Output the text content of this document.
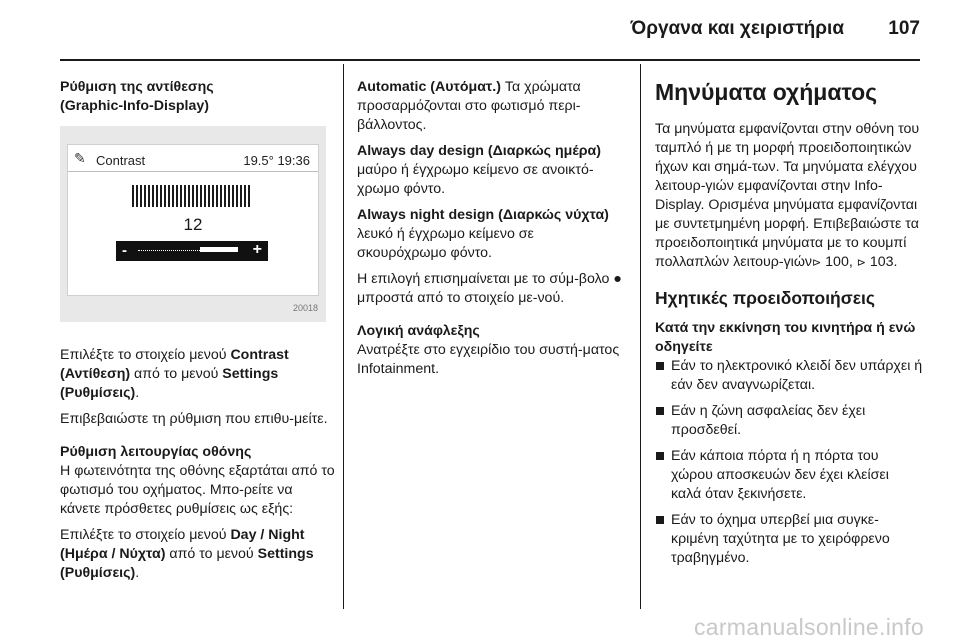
Όργανα και χειριστήρια 107
Ρύθμιση της αντίθεσης
(Graphic-Info-Display)
✎ Contrast	19.5° 19:36
12
-	+
20018

Επιλέξτε το στοιχείο μενού Contrast (Αντίθεση) από το μενού Settings (Ρυθμίσεις).

Επιβεβαιώστε τη ρύθμιση που επιθυ-μείτε.

Ρύθμιση λειτουργίας οθόνης

Η φωτεινότητα της οθόνης εξαρτάται από το φωτισμό του οχήματος. Μπο-ρείτε να κάνετε πρόσθετες ρυθμίσεις ως εξής:

Επιλέξτε το στοιχείο μενού Day / Night (Ημέρα / Νύχτα) από το μενού Settings (Ρυθμίσεις).

Automatic (Αυτόματ.) Τα χρώματα προσαρμόζονται στο φωτισμό περι-βάλλοντος.

Always day design (Διαρκώς ημέρα) μαύρο ή έγχρωμο κείμενο σε ανοικτό-χρωμο φόντο.

Always night design (Διαρκώς νύχτα) λευκό ή έγχρωμο κείμενο σε σκουρόχρωμο φόντο.

Η επιλογή επισημαίνεται με το σύμ-βολο ● μπροστά από το στοιχείο με-νού.

Λογική ανάφλεξης

Ανατρέξτε στο εγχειρίδιο του συστή-ματος Infotainment.

Μηνύματα οχήματος

Τα μηνύματα εμφανίζονται στην οθόνη του ταμπλό ή με τη μορφή προειδοποιητικών ήχων και σημά-των. Τα μηνύματα ελέγχου λειτουρ-γιών εμφανίζονται στην Info-Display. Ορισμένα μηνύματα εμφανίζονται με συντετμημένη μορφή. Επιβεβαιώστε τα προειδοποιητικά μηνύματα με το κουμπί πολλαπλών λειτουρ-γιών⊳ 100, ⊳ 103.

Ηχητικές προειδοποιήσεις
Κατά την εκκίνηση του κινητήρα ή ενώ οδηγείτε
Εάν το ηλεκτρονικό κλειδί δεν υπάρχει ή εάν δεν αναγνωρίζεται.
Εάν η ζώνη ασφαλείας δεν έχει προσδεθεί.
Εάν κάποια πόρτα ή η πόρτα του χώρου αποσκευών δεν έχει κλείσει καλά όταν ξεκινήσετε.
Εάν το όχημα υπερβεί μια συγκε-κριμένη ταχύτητα με το χειρόφρενο τραβηγμένο.
carmanualsonline.info
